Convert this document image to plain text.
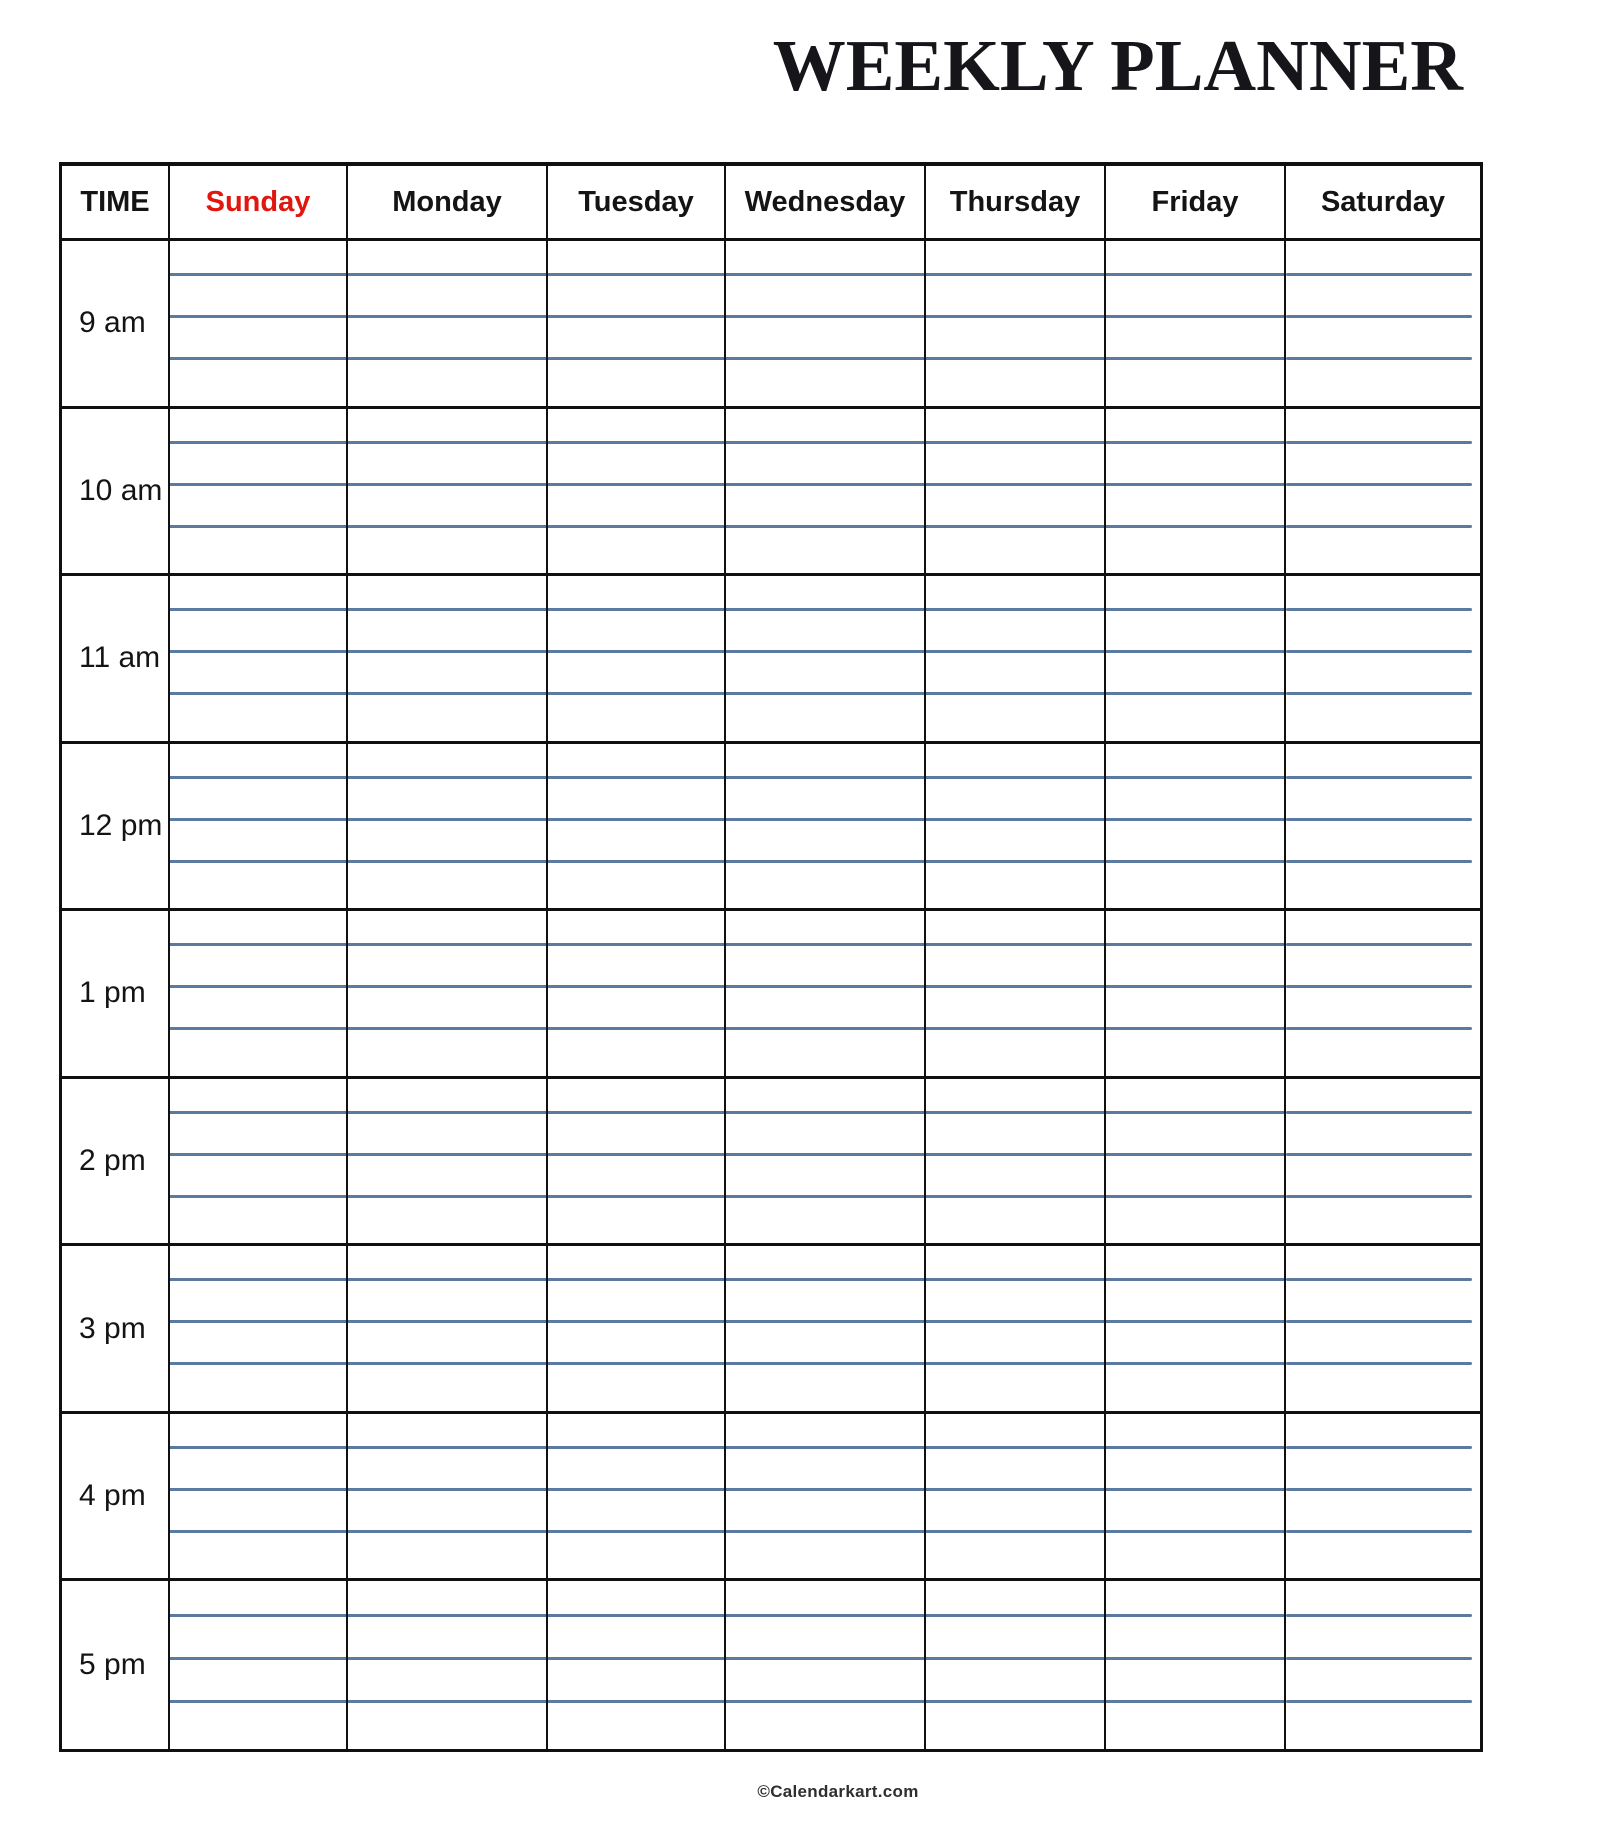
WEEKLY PLANNER
TIME	Sunday	Monday	Tuesday	Wednesday	Thursday	Friday	Saturday
9 am
10 am
11 am
12 pm
1 pm
2 pm
3 pm
4 pm
5 pm
©Calendarkart.com
